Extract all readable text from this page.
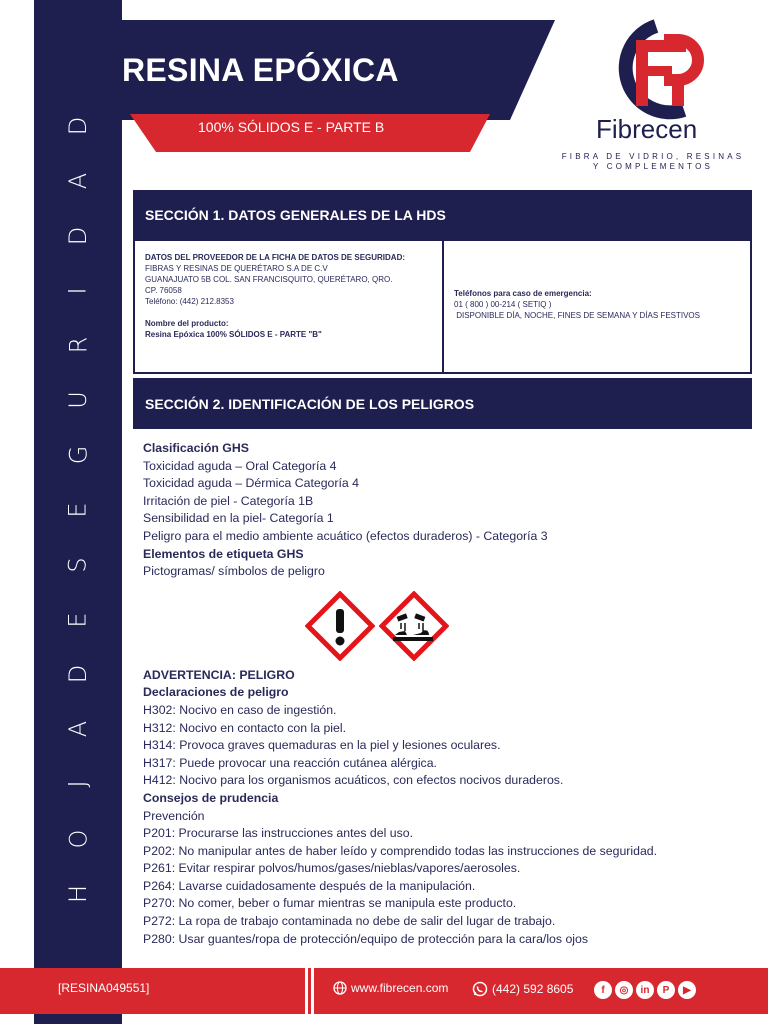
D
A
D
I
R
U
G
E
S
E
D
A
J
O
H
RESINA EPÓXICA
100% SÓLIDOS E - PARTE B	Fibrecen
FIBRA DE VIDRIO, RESINAS
Y COMPLEMENTOS
SECCIÓN 1. DATOS GENERALES DE LA HDS
DATOS DEL PROVEEDOR DE LA FICHA DE DATOS DE SEGURIDAD:
FIBRAS Y RESINAS DE QUERÉTARO S.A DE C.V
GUANAJUATO 5B COL. SAN FRANCISQUITO, QUERÉTARO, QRO.
CP. 76058
Teléfono: (442) 212.8353
Nombre del producto:
Resina Epóxica 100% SÓLIDOS E - PARTE "B"
Teléfonos para caso de emergencia:
01 ( 800 ) 00-214 ( SETIQ )
DISPONIBLE DÍA, NOCHE, FINES DE SEMANA Y DÍAS FESTIVOS
SECCIÓN 2. IDENTIFICACIÓN DE LOS PELIGROS
Clasificación GHS
Toxicidad aguda – Oral Categoría 4
Toxicidad aguda – Dérmica Categoría 4
Irritación de piel - Categoría 1B
Sensibilidad en la piel- Categoría 1
Peligro para el medio ambiente acuático (efectos duraderos) - Categoría 3
Elementos de etiqueta GHS
Pictogramas/ símbolos de peligro
ADVERTENCIA: PELIGRO
Declaraciones de peligro
H302: Nocivo en caso de ingestión.
H312: Nocivo en contacto con la piel.
H314: Provoca graves quemaduras en la piel y lesiones oculares.
H317: Puede provocar una reacción cutánea alérgica.
H412: Nocivo para los organismos acuáticos, con efectos nocivos duraderos.
Consejos de prudencia
Prevención
P201: Procurarse las instrucciones antes del uso.
P202: No manipular antes de haber leído y comprendido todas las instrucciones de seguridad.
P261: Evitar respirar polvos/humos/gases/nieblas/vapores/aerosoles.
P264: Lavarse cuidadosamente después de la manipulación.
P270: No comer, beber o fumar mientras se manipula este producto.
P272: La ropa de trabajo contaminada no debe de salir del lugar de trabajo.
P280: Usar guantes/ropa de protección/equipo de protección para la cara/los ojos
[RESINA049551]	www.fibrecen.com	(442) 592 8605	f	◎	in	P	▶
